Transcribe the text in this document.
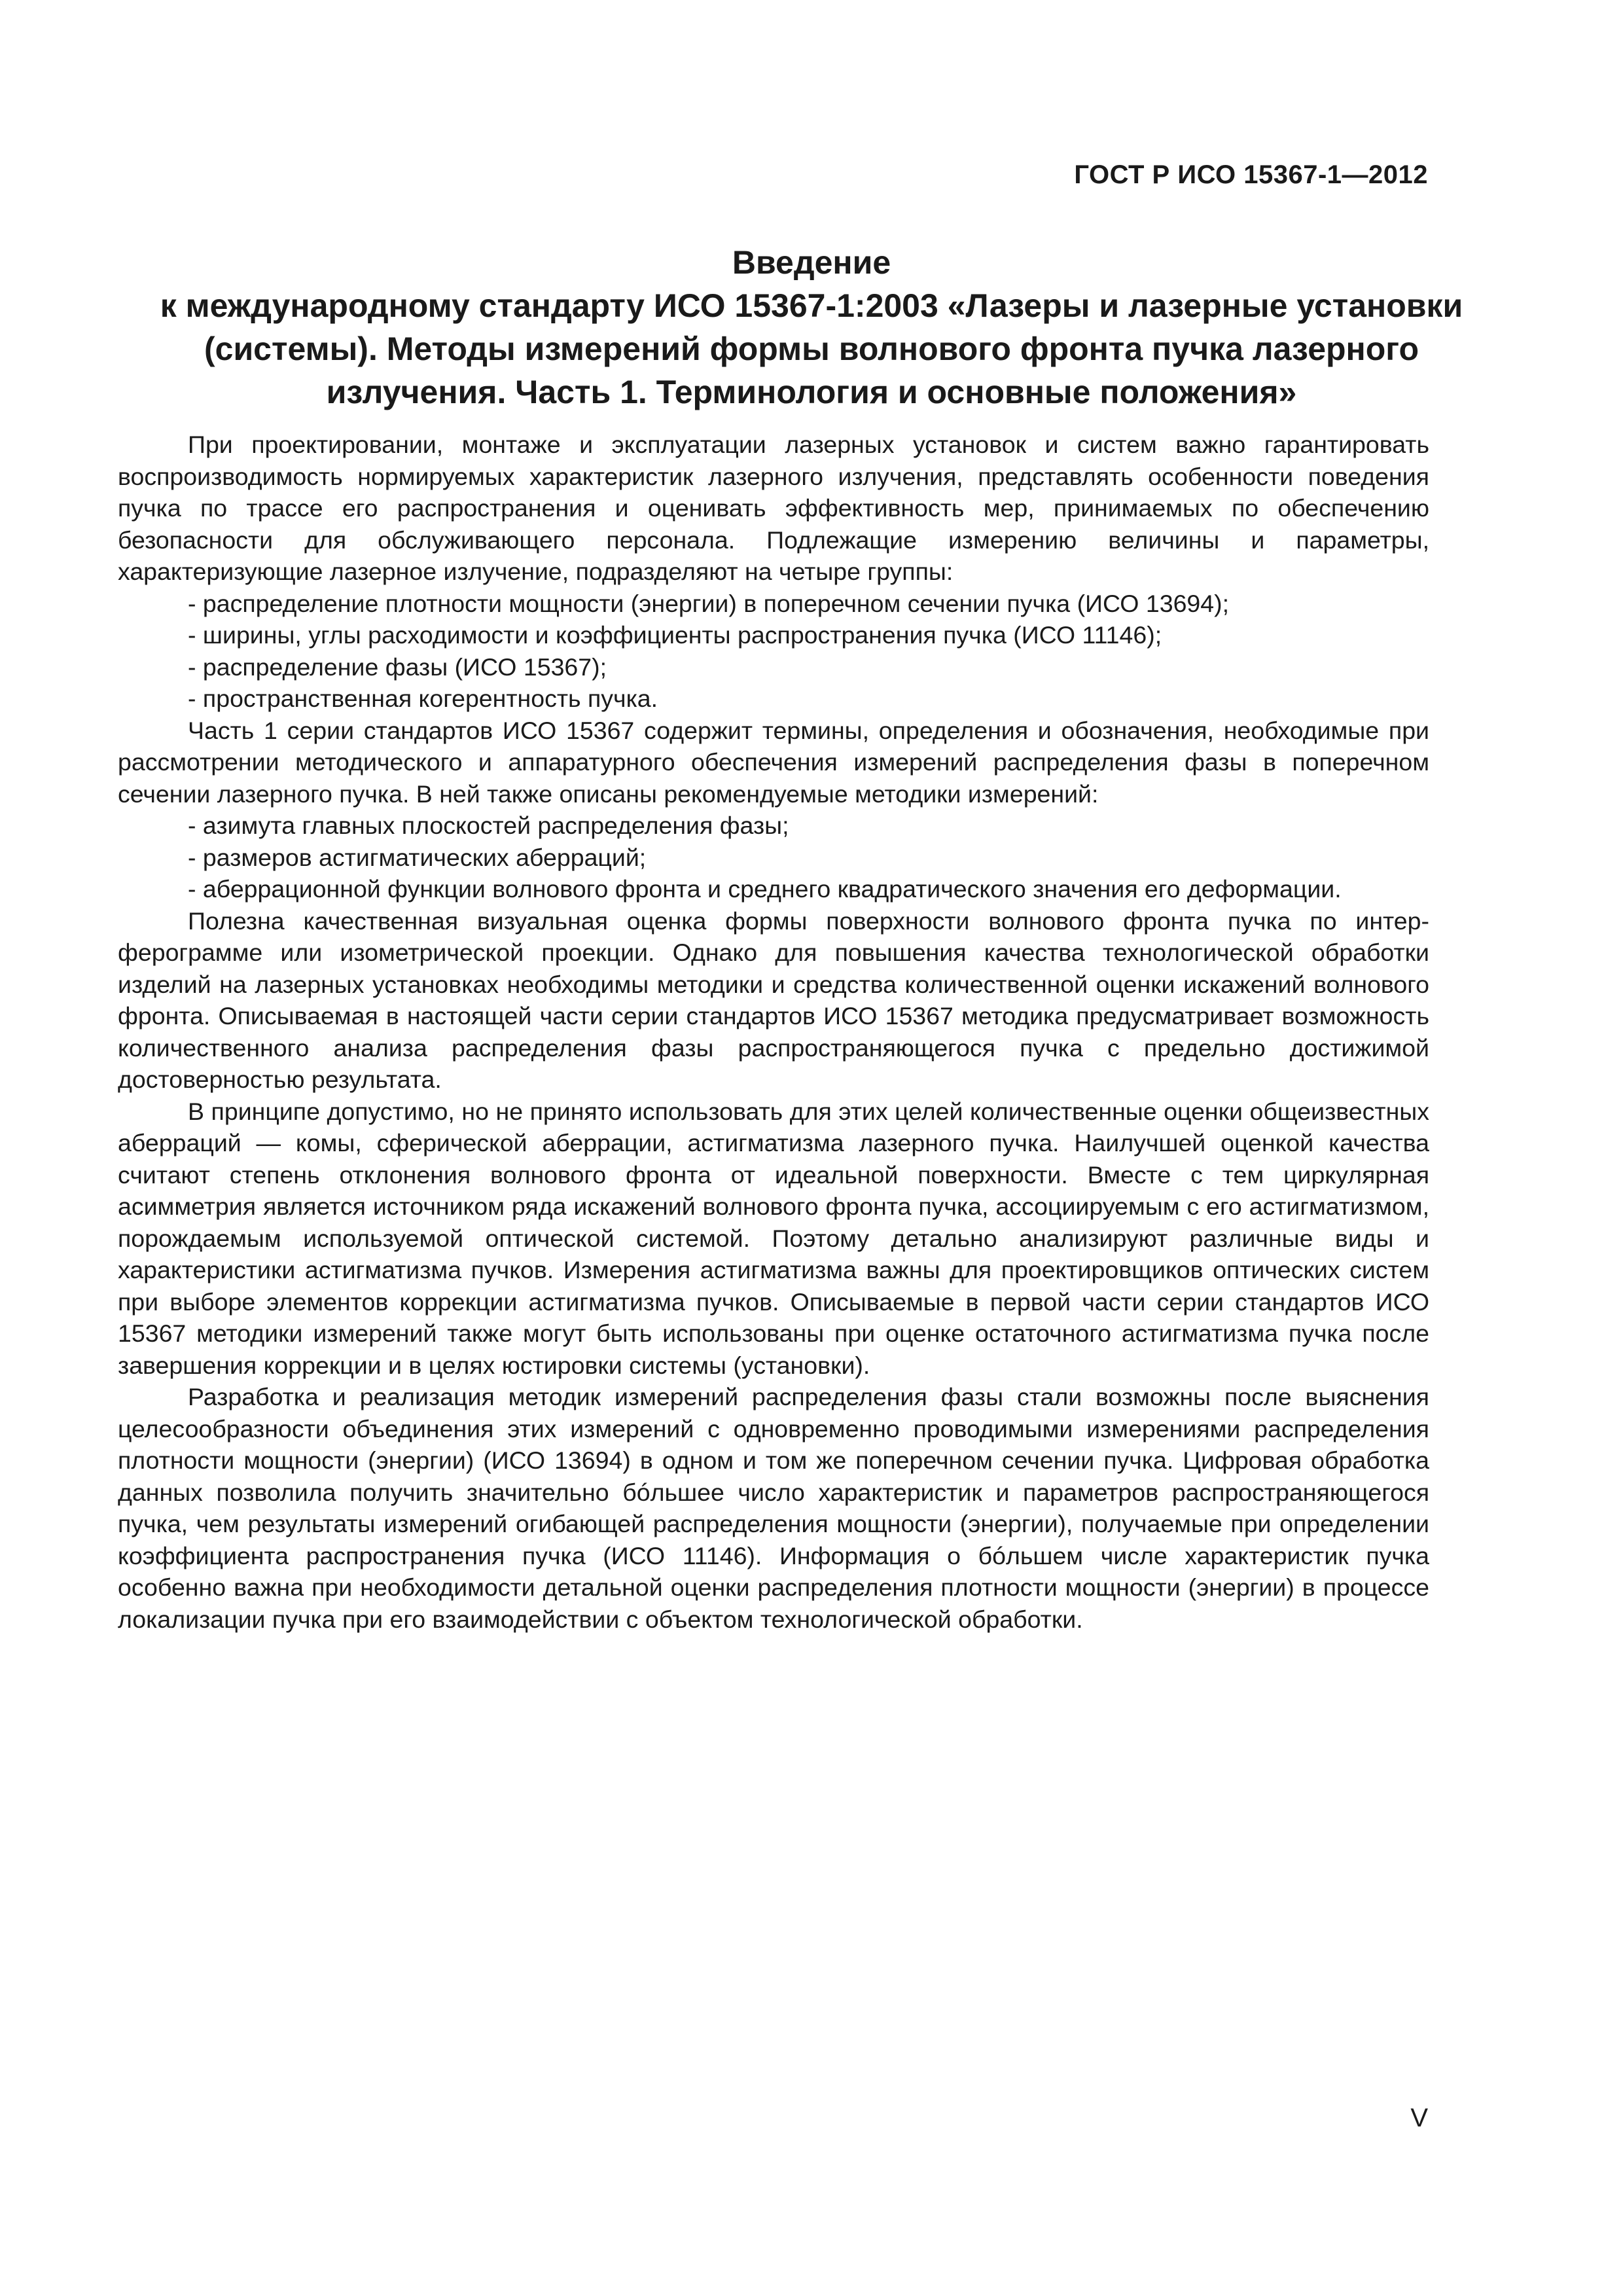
ГОСТ Р ИСО 15367-1—2012
Введение
к международному стандарту ИСО 15367-1:2003 «Лазеры и лазерные установки
(системы). Методы измерений формы волнового фронта пучка лазерного
излучения. Часть 1. Терминология и основные положения»

При проектировании, монтаже и эксплуатации лазерных установок и систем важно гарантировать воспроизводимость нормируемых характеристик лазерного излучения, представлять особенности поведения пучка по трассе его распространения и оценивать эффективность мер, принимаемых по обеспечению безопасности для обслуживающего персонала. Подлежащие измерению величины и параметры, характеризующие лазерное излучение, подразделяют на четыре группы:

- распределение плотности мощности (энергии) в поперечном сечении пучка (ИСО 13694);

- ширины, углы расходимости и коэффициенты распространения пучка (ИСО 11146);

- распределение фазы (ИСО 15367);

- пространственная когерентность пучка.

Часть 1 серии стандартов ИСО 15367 содержит термины, определения и обозначения, необходимые при рассмотрении методического и аппаратурного обеспечения измерений распределения фазы в поперечном сечении лазерного пучка. В ней также описаны рекомендуемые методики измерений:

- азимута главных плоскостей распределения фазы;

- размеров астигматических аберраций;

- аберрационной функции волнового фронта и среднего квадратического значения его деформации.

Полезна качественная визуальная оценка формы поверхности волнового фронта пучка по интерферограмме или изометрической проекции. Однако для повышения качества технологической обработки изделий на лазерных установках необходимы методики и средства количественной оценки искажений волнового фронта. Описываемая в настоящей части серии стандартов ИСО 15367 методика предусматривает возможность количественного анализа распределения фазы распространяющегося пучка с предельно достижимой достоверностью результата.

В принципе допустимо, но не принято использовать для этих целей количественные оценки общеизвестных аберраций — комы, сферической аберрации, астигматизма лазерного пучка. Наилучшей оценкой качества считают степень отклонения волнового фронта от идеальной поверхности. Вместе с тем циркулярная асимметрия является источником ряда искажений волнового фронта пучка, ассоциируемым с его астигматизмом, порождаемым используемой оптической системой. Поэтому детально анализируют различные виды и характеристики астигматизма пучков. Измерения астигматизма важны для проектировщиков оптических систем при выборе элементов коррекции астигматизма пучков. Описываемые в первой части серии стандартов ИСО 15367 методики измерений также могут быть использованы при оценке остаточного астигматизма пучка после завершения коррекции и в целях юстировки системы (установки).

Разработка и реализация методик измерений распределения фазы стали возможны после выяснения целесообразности объединения этих измерений с одновременно проводимыми измерениями распределения плотности мощности (энергии) (ИСО 13694) в одном и том же поперечном сечении пучка. Цифровая обработка данных позволила получить значительно бóльшее число характеристик и параметров распространяющегося пучка, чем результаты измерений огибающей распределения мощности (энергии), получаемые при определении коэффициента распространения пучка (ИСО 11146). Информация о бóльшем числе характеристик пучка особенно важна при необходимости детальной оценки распределения плотности мощности (энергии) в процессе локализации пучка при его взаимодействии с объектом технологической обработки.

V
